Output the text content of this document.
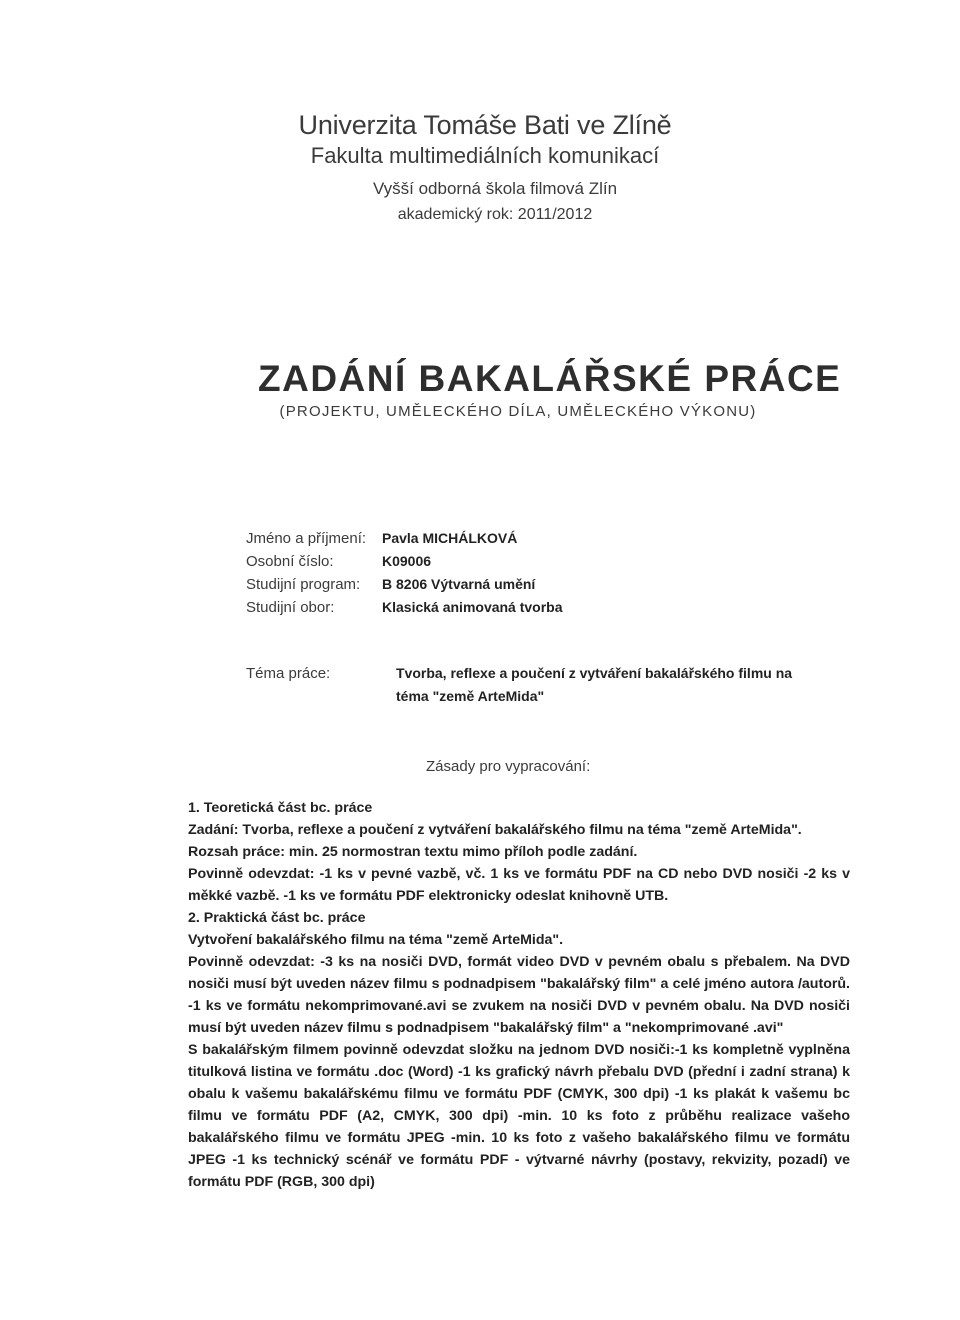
Univerzita Tomáše Bati ve Zlíně
Fakulta multimediálních komunikací
Vyšší odborná škola filmová Zlín
akademický rok: 2011/2012
ZADÁNÍ BAKALÁŘSKÉ PRÁCE
(PROJEKTU, UMĚLECKÉHO DÍLA, UMĚLECKÉHO VÝKONU)
Jméno a příjmení:	Pavla MICHÁLKOVÁ
Osobní číslo:	K09006
Studijní program:	B 8206 Výtvarná umění
Studijní obor:	Klasická animovaná tvorba
Téma práce:	Tvorba, reflexe a poučení z vytváření bakalářského filmu na téma "země ArteMida"
Zásady pro vypracování:

1. Teoretická část bc. práce

Zadání: Tvorba, reflexe a poučení z vytváření bakalářského filmu na téma "země ArteMida".

Rozsah práce: min. 25 normostran textu mimo příloh podle zadání.

Povinně odevzdat: -1 ks v pevné vazbě, vč. 1 ks ve formátu PDF na CD nebo DVD nosiči -2 ks v měkké vazbě. -1 ks ve formátu PDF elektronicky odeslat knihovně UTB.

2. Praktická část bc. práce

Vytvoření bakalářského filmu na téma "země ArteMida".

Povinně odevzdat: -3 ks na nosiči DVD, formát video DVD v pevném obalu s přebalem. Na DVD nosiči musí být uveden název filmu s podnadpisem "bakalářský film" a celé jméno autora /autorů. -1 ks ve formátu nekomprimované.avi se zvukem na nosiči DVD v pevném obalu. Na DVD nosiči musí být uveden název filmu s podnadpisem "bakalářský film" a "nekomprimované .avi"

S bakalářským filmem povinně odevzdat složku na jednom DVD nosiči:-1 ks kompletně vyplněna titulková listina ve formátu .doc (Word) -1 ks grafický návrh přebalu DVD (přední i zadní strana) k obalu k vašemu bakalářskému filmu ve formátu PDF (CMYK, 300 dpi) -1 ks plakát k vašemu bc filmu ve formátu PDF (A2, CMYK, 300 dpi) -min. 10 ks foto z průběhu realizace vašeho bakalářského filmu ve formátu JPEG -min. 10 ks foto z vašeho bakalářského filmu ve formátu JPEG -1 ks technický scénář ve formátu PDF - výtvarné návrhy (postavy, rekvizity, pozadí) ve formátu PDF (RGB, 300 dpi)
